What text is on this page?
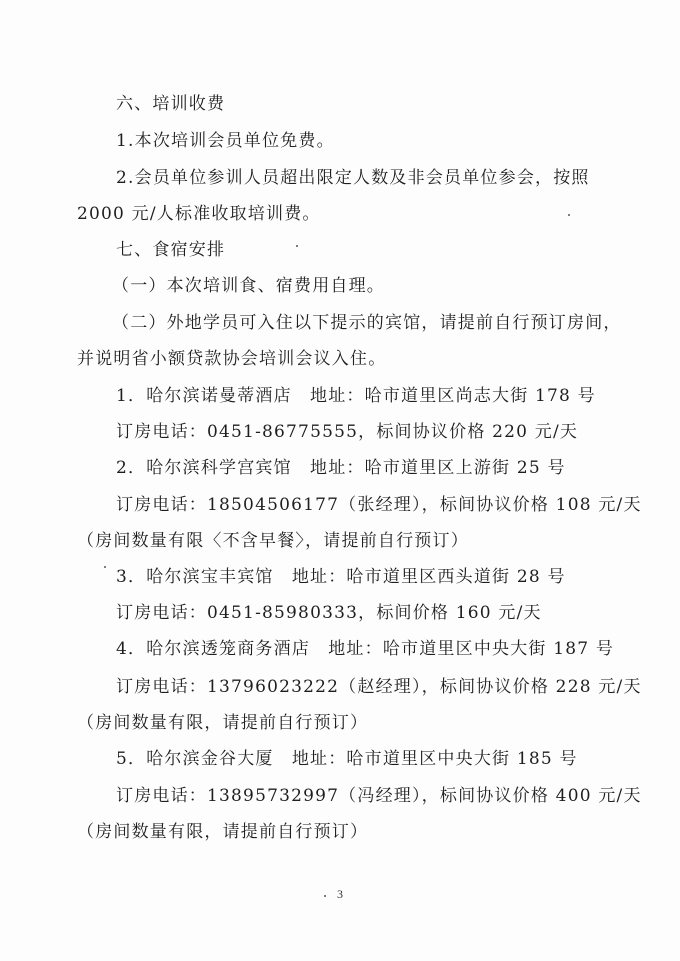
六、培训收费
1.本次培训会员单位免费。
2.会员单位参训人员超出限定人数及非会员单位参会，按照
2000 元/人标准收取培训费。
七、食宿安排
（一）本次培训食、宿费用自理。
（二）外地学员可入住以下提示的宾馆，请提前自行预订房间，
并说明省小额贷款协会培训会议入住。
1．哈尔滨诺曼蒂酒店　地址：哈市道里区尚志大街 178 号
订房电话：0451-86775555，标间协议价格 220 元/天
2．哈尔滨科学宫宾馆　地址：哈市道里区上游街 25 号
订房电话：18504506177（张经理），标间协议价格 108 元/天
（房间数量有限〈不含早餐〉，请提前自行预订）
3．哈尔滨宝丰宾馆　地址：哈市道里区西头道街 28 号
订房电话：0451-85980333，标间价格 160 元/天
4．哈尔滨透笼商务酒店　地址：哈市道里区中央大街 187 号
订房电话：13796023222（赵经理），标间协议价格 228 元/天
（房间数量有限，请提前自行预订）
5．哈尔滨金谷大厦　地址：哈市道里区中央大街 185 号
订房电话：13895732997（冯经理），标间协议价格 400 元/天
（房间数量有限，请提前自行预订）
3
